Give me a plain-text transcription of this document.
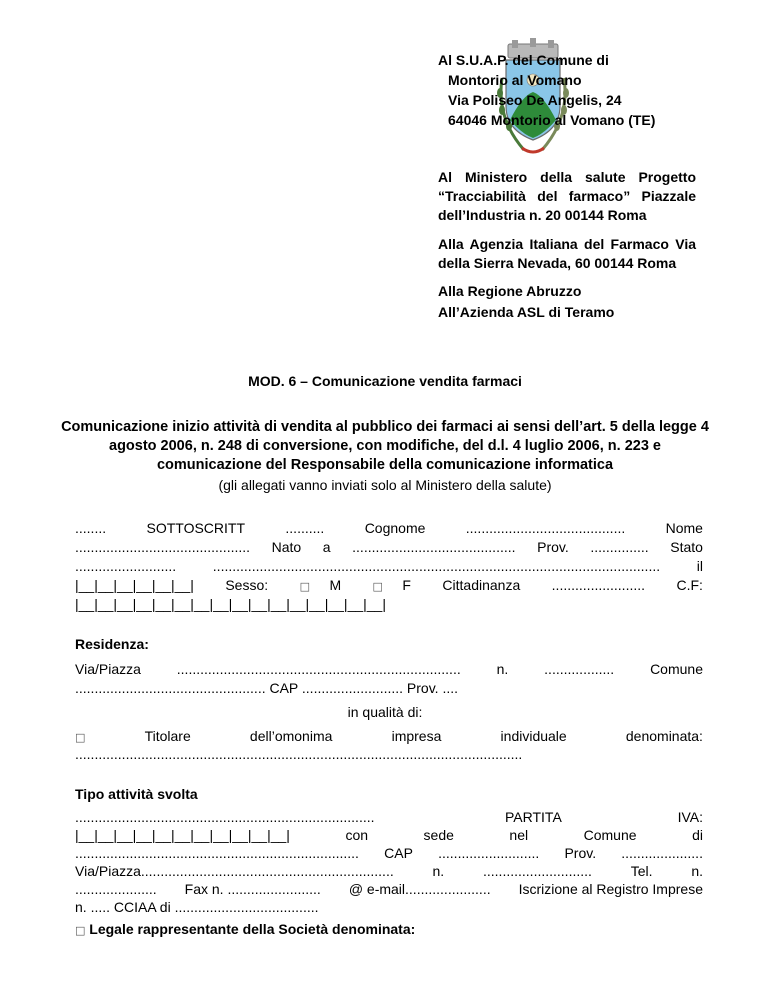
Al S.U.A.P. del Comune di
Montorio al Vomano
Via Poliseo De Angelis, 24
64046 Montorio al Vomano (TE)
Al Ministero della salute Progetto “Tracciabilità del farmaco” Piazzale dell’Industria n. 20 00144 Roma
Alla Agenzia Italiana del Farmaco Via della Sierra Nevada, 60 00144 Roma
Alla Regione Abruzzo
All’Azienda ASL di Teramo
MOD. 6 – Comunicazione vendita farmaci
Comunicazione inizio attività di vendita al pubblico dei farmaci ai sensi dell’art. 5 della legge 4 agosto 2006, n. 248 di conversione, con modifiche, del d.l. 4 luglio 2006, n. 223 e comunicazione del Responsabile della comunicazione informatica
(gli allegati vanno inviati solo al Ministero della salute)
........	SOTTOSCRITT	..........	Cognome	.........................................	Nome
............................................. Nato a .......................................... Prov. ............... Stato
..........................	...................................................................................................................	il
|__|__|__|__|__|__| Sesso:	□ M	□ F Cittadinanza ........................ C.F:
|__|__|__|__|__|__|__|__|__|__|__|__|__|__|__|__|
Residenza:
Via/Piazza	.........................................................................	n.	..................	Comune
................................................. CAP .......................... Prov. ....
in qualità di:
□	Titolare	dell’omonima	impresa	individuale	denominata:
...................................................................................................................
Tipo attività svolta
.............................................................................	PARTITA	IVA:
|__|__|__|__|__|__|__|__|__|__|__|	con	sede	nel	Comune	di
......................................................................... CAP .......................... Prov. .....................
Via/Piazza.................................................................	n.	............................	Tel.	n.
..................... Fax n. ........................ @ e-mail...................... Iscrizione al Registro Imprese
n. ..... CCIAA di .....................................
□ Legale rappresentante della Società denominata:
